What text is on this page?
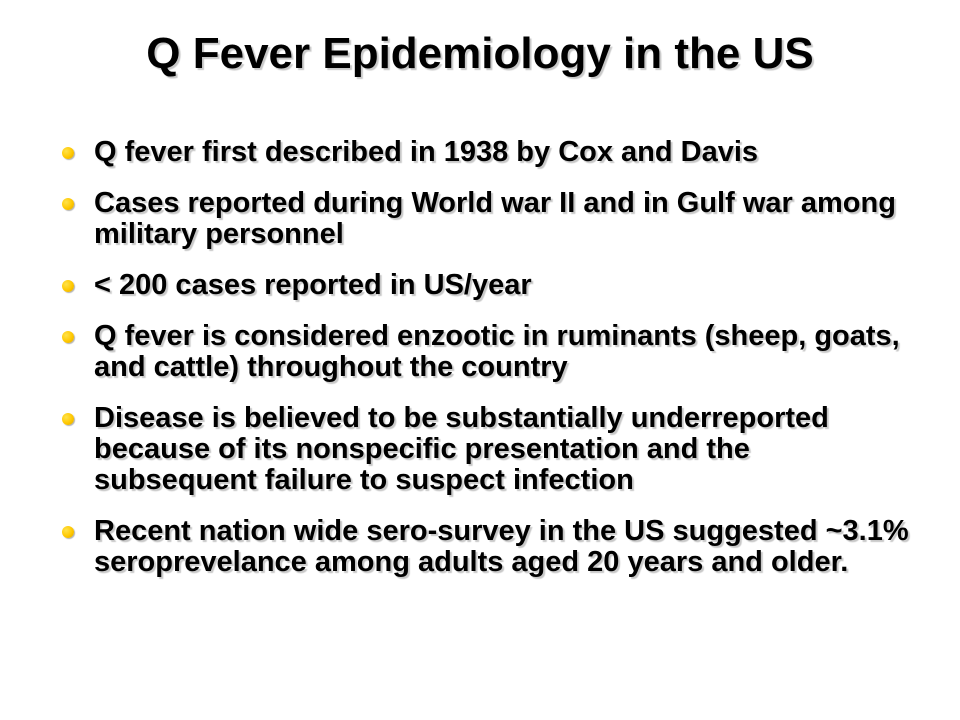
Q Fever Epidemiology in the US
Q fever first described in 1938 by Cox and Davis
Cases reported during World war II and in Gulf war among military personnel
< 200 cases reported in US/year
Q fever is considered enzootic in ruminants (sheep, goats, and cattle) throughout the country
Disease is believed to be substantially underreported because of its nonspecific presentation and the subsequent failure to suspect infection
Recent nation wide sero-survey in the US suggested ~3.1% seroprevelance among adults aged 20 years and older.
